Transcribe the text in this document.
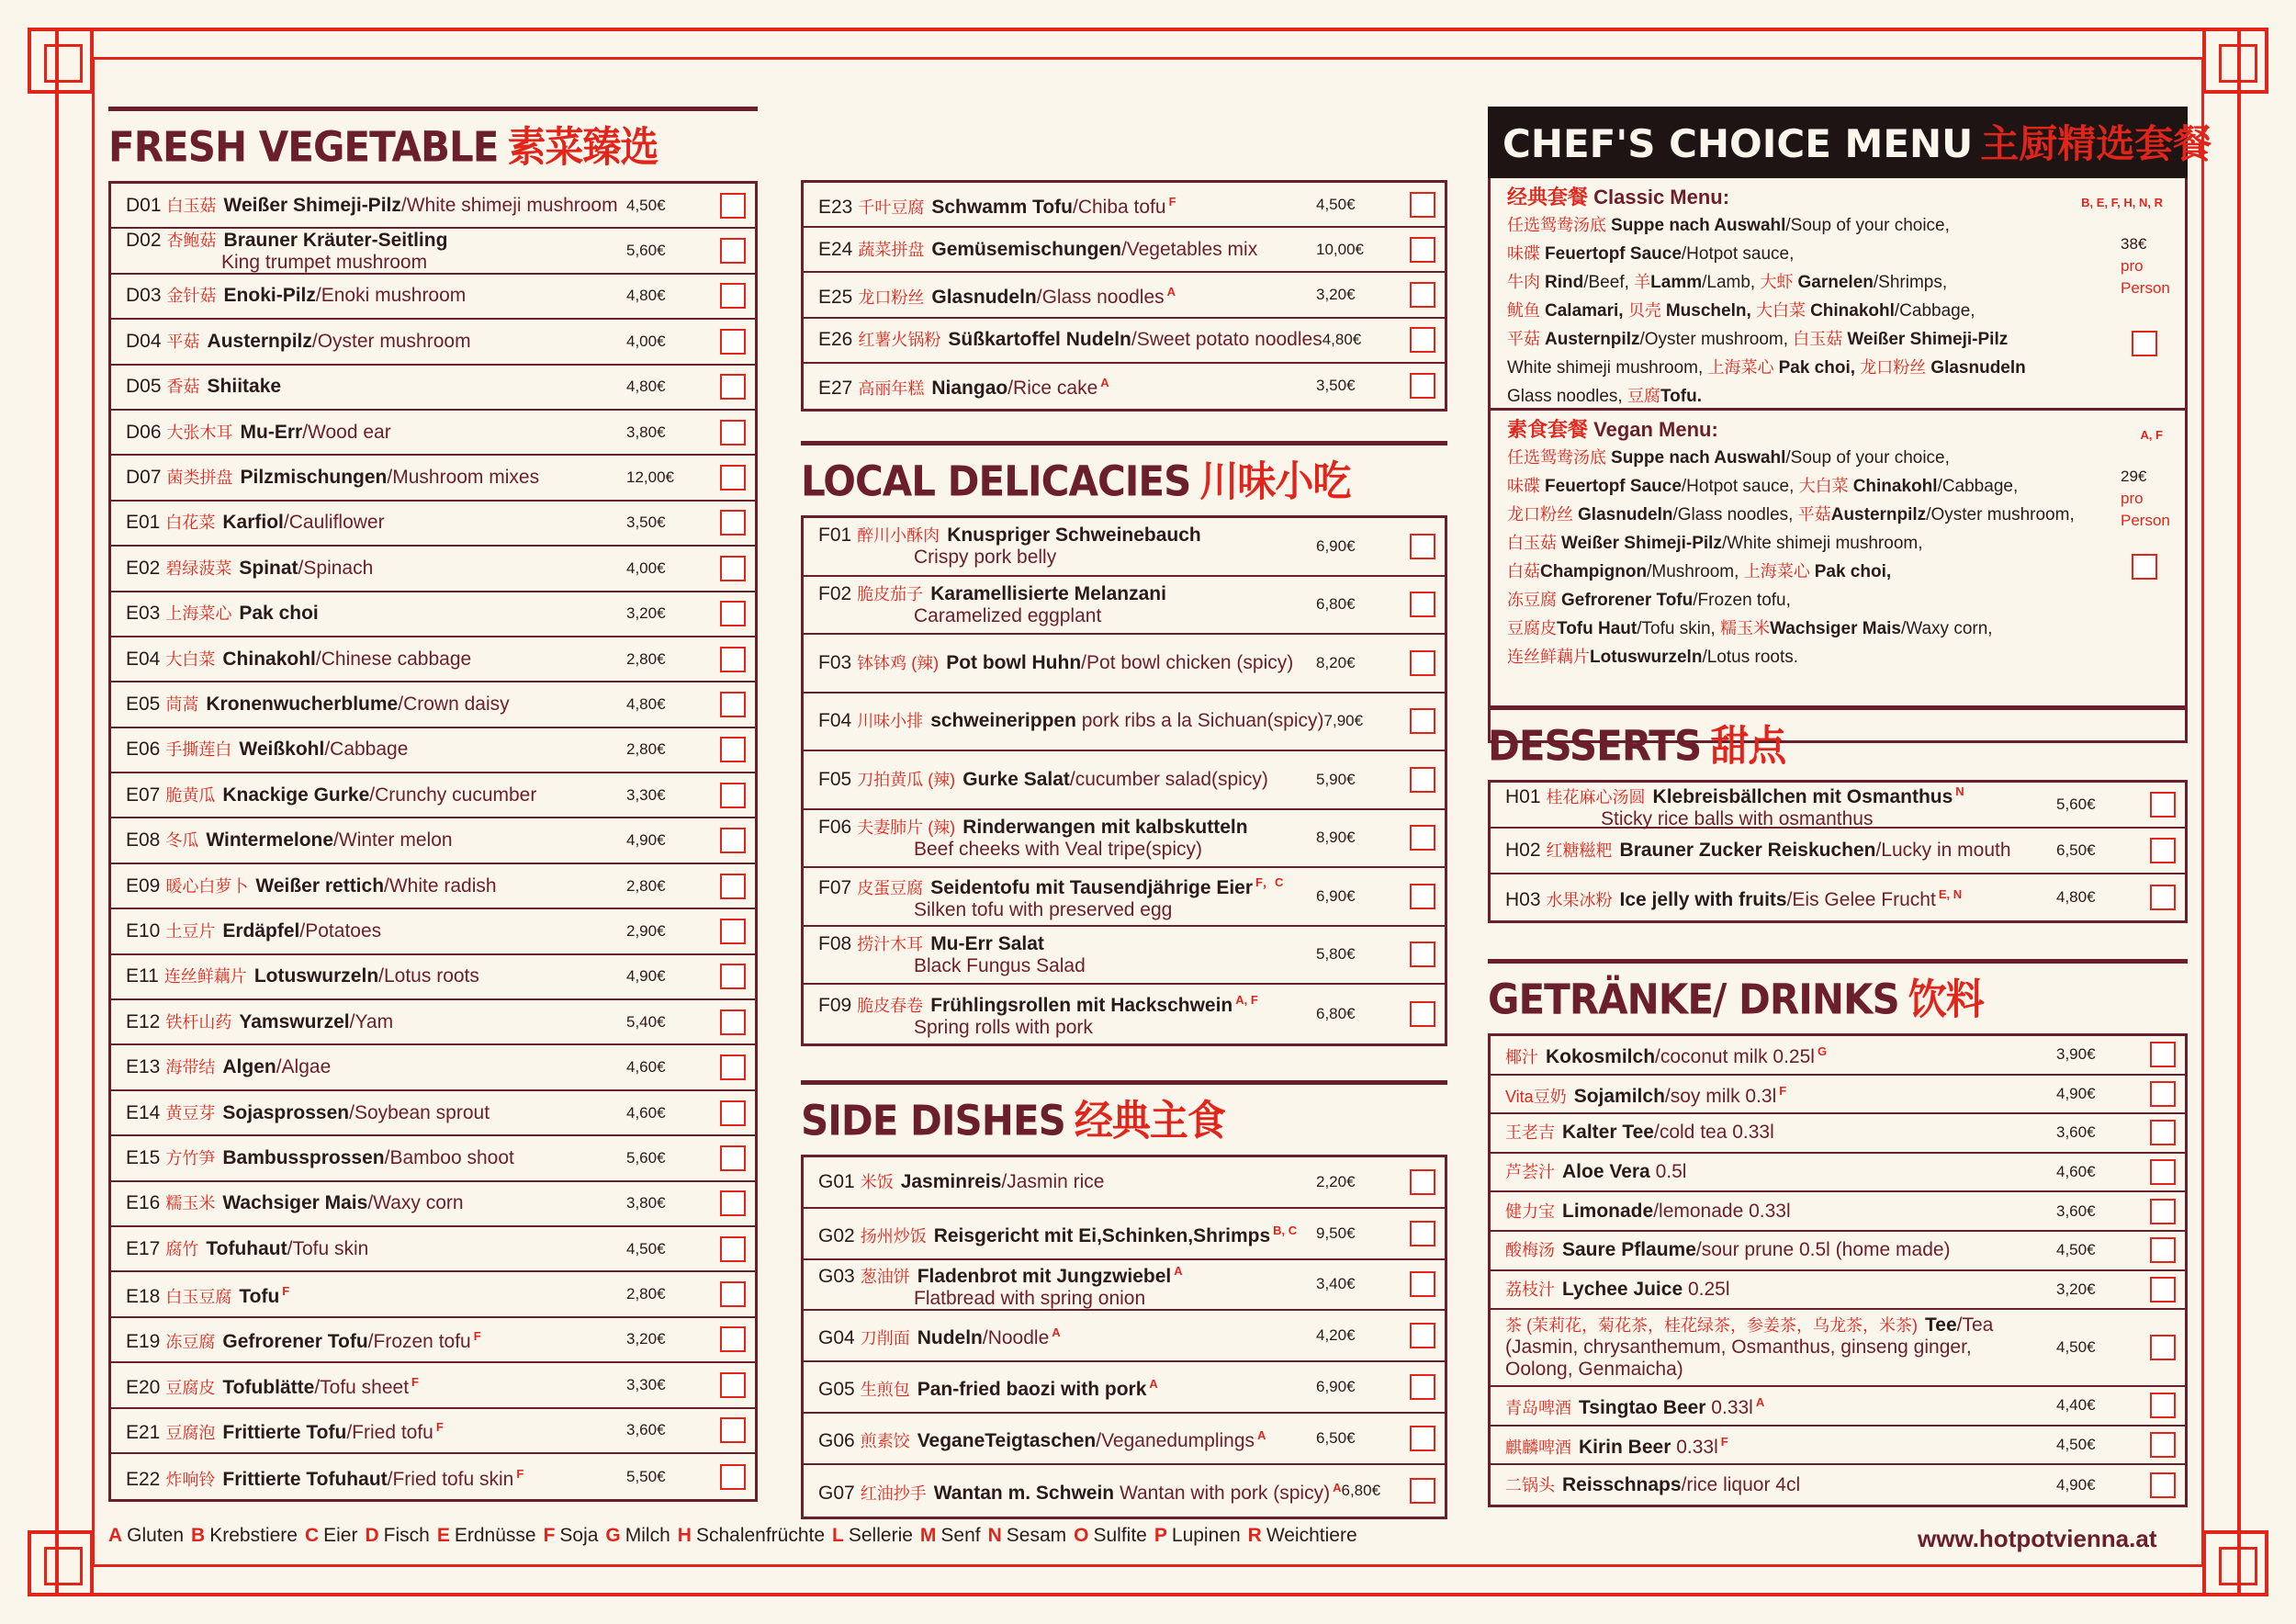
FRESH VEGETABLE 素菜臻选
D01 白玉菇 Weißer Shimeji-Pilz/White shimeji mushroom 4,50€
D02 杏鲍菇 Brauner Kräuter-Seitling
King trumpet mushroom
5,60€
D03 金针菇 Enoki-Pilz/Enoki mushroom	4,80€
D04 平菇 Austernpilz/Oyster mushroom	4,00€
D05 香菇 Shiitake	4,80€
D06 大张木耳 Mu-Err/Wood ear	3,80€
D07 菌类拼盘 Pilzmischungen/Mushroom mixes	12,00€
E01 白花菜 Karfiol/Cauliflower	3,50€
E02 碧绿菠菜 Spinat/Spinach	4,00€
E03 上海菜心 Pak choi	3,20€
E04 大白菜 Chinakohl/Chinese cabbage	2,80€
E05 茼蒿 Kronenwucherblume/Crown daisy	4,80€
E06 手撕莲白 Weißkohl/Cabbage	2,80€
E07 脆黄瓜 Knackige Gurke/Crunchy cucumber	3,30€
E08 冬瓜 Wintermelone/Winter melon	4,90€
E09 暖心白萝卜 Weißer rettich/White radish	2,80€
E10 土豆片 Erdäpfel/Potatoes	2,90€
E11 连丝鲜藕片 Lotuswurzeln/Lotus roots	4,90€
E12 铁杆山药 Yamswurzel/Yam	5,40€
E13 海带结 Algen/Algae	4,60€
E14 黄豆芽 Sojasprossen/Soybean sprout	4,60€
E15 方竹笋 Bambussprossen/Bamboo shoot	5,60€
E16 糯玉米 Wachsiger Mais/Waxy corn	3,80€
E17 腐竹 Tofuhaut/Tofu skin	4,50€
E18 白玉豆腐 Tofu $^F$	2,80€
E19 冻豆腐 Gefrorener Tofu/Frozen tofu $^F$	3,20€
E20 豆腐皮 Tofublätte/Tofu sheet $^F$	3,30€
E21 豆腐泡 Frittierte Tofu/Fried tofu $^F$	3,60€
E22 炸响铃 Frittierte Tofuhaut/Fried tofu skin $^F$	5,50€
E23 千叶豆腐 Schwamm Tofu/Chiba tofu $^F$	4,50€
E24 蔬菜拼盘 Gemüsemischungen/Vegetables mix	10,00€
E25 龙口粉丝 Glasnudeln/Glass noodles $^A$	3,20€
E26 红薯火锅粉 Süßkartoffel Nudeln/Sweet potato noodles 4,80€
E27 高丽年糕 Niangao/Rice cake $^A$	3,50€
LOCAL DELICACIES 川味小吃
F01 醉川小酥肉 Knuspriger Schweinebauch
Crispy pork belly
6,90€
F02 脆皮茄子 Karamellisierte Melanzani
Caramelized eggplant
6,80€
F03 钵钵鸡 (辣) Pot bowl Huhn/Pot bowl chicken (spicy)	8,20€
F04 川味小排 schweinerippen pork ribs a la Sichuan(spicy) 7,90€
F05 刀拍黄瓜 (辣) Gurke Salat/cucumber salad(spicy)	5,90€
F06 夫妻肺片 (辣) Rinderwangen mit kalbskutteln
Beef cheeks with Veal tripe(spicy)
8,90€
F07 皮蛋豆腐 Seidentofu mit Tausendjährige Eier $^{F,C}$
Silken tofu with preserved egg
6,90€
F08 捞汁木耳 Mu-Err Salat
Black Fungus Salad
5,80€
F09 脆皮春卷 Frühlingsrollen mit Hackschwein $^{A, F}$
Spring rolls with pork
6,80€
SIDE DISHES 经典主食
G01 米饭 Jasminreis/Jasmin rice	2,20€
G02 扬州炒饭 Reisgericht mit Ei,Schinken,Shrimps $^{B, C}$	9,50€
G03 葱油饼 Fladenbrot mit Jungzwiebel $^A$
Flatbread with spring onion
3,40€
G04 刀削面 Nudeln/Noodle $^A$	4,20€
G05 生煎包 Pan-fried baozi with pork $^A$	6,90€
G06 煎素饺 VeganeTeigtaschen/Veganedumplings $^A$	6,50€
G07 红油抄手 Wantan m. Schwein Wantan with pork (spicy) $^A$ 6,80€
CHEF'S CHOICE MENU 主厨精选套餐
经典套餐 Classic Menu:	B, E, F, H, N, R
任选鸳鸯汤底 Suppe nach Auswahl/Soup of your choice,
味碟 Feuertopf Sauce/Hotpot sauce,
牛肉 Rind/Beef, 羊Lamm/Lamb, 大虾 Garnelen/Shrimps,
鱿鱼 Calamari, 贝壳 Muscheln, 大白菜 Chinakohl/Cabbage,
平菇 Austernpilz/Oyster mushroom, 白玉菇 Weißer Shimeji-Pilz
White shimeji mushroom, 上海菜心 Pak choi, 龙口粉丝 Glasnudeln
Glass noodles, 豆腐Tofu.
38€
pro
Person
素食套餐 Vegan Menu:	A, F
任选鸳鸯汤底 Suppe nach Auswahl/Soup of your choice,
味碟 Feuertopf Sauce/Hotpot sauce, 大白菜 Chinakohl/Cabbage,
龙口粉丝 Glasnudeln/Glass noodles, 平菇Austernpilz/Oyster mushroom,
白玉菇 Weißer Shimeji-Pilz/White shimeji mushroom,
白菇Champignon/Mushroom, 上海菜心 Pak choi,
冻豆腐 Gefrorener Tofu/Frozen tofu,
豆腐皮Tofu Haut/Tofu skin, 糯玉米Wachsiger Mais/Waxy corn,
连丝鲜藕片Lotuswurzeln/Lotus roots.
29€
pro
Person
DESSERTS 甜点
H01 桂花麻心汤圆 Klebreisbällchen mit Osmanthus $^N$
Sticky rice balls with osmanthus
5,60€
H02 红糖糍粑 Brauner Zucker Reiskuchen/Lucky in mouth	6,50€
H03 水果冰粉 Ice jelly with fruits/Eis Gelee Frucht $^{E, N}$	4,80€
GETRÄNKE/ DRINKS 饮料
椰汁 Kokosmilch/coconut milk 0.25l $^G$	3,90€
Vita豆奶 Sojamilch/soy milk 0.3l $^F$	4,90€
王老吉 Kalter Tee/cold tea 0.33l	3,60€
芦荟汁 Aloe Vera 0.5l	4,60€
健力宝 Limonade/lemonade 0.33l	3,60€
酸梅汤 Saure Pflaume/sour prune 0.5l (home made)	4,50€
荔枝汁 Lychee Juice 0.25l	3,20€
茶 (茉莉花，菊花茶，桂花绿茶，参姜茶，乌龙茶，米茶) Tee/Tea
(Jasmin, chrysanthemum, Osmanthus, ginseng ginger,
Oolong, Genmaicha)
4,50€
青岛啤酒 Tsingtao Beer 0.33l $^A$	4,40€
麒麟啤酒 Kirin Beer 0.33l $^F$	4,50€
二锅头 Reisschnaps/rice liquor 4cl	4,90€
A Gluten B Krebstiere C Eier D Fisch E Erdnüsse F Soja G Milch H Schalenfrüchte L Sellerie M Senf N Sesam O Sulfite P Lupinen R Weichtiere	www.hotpotvienna.at
